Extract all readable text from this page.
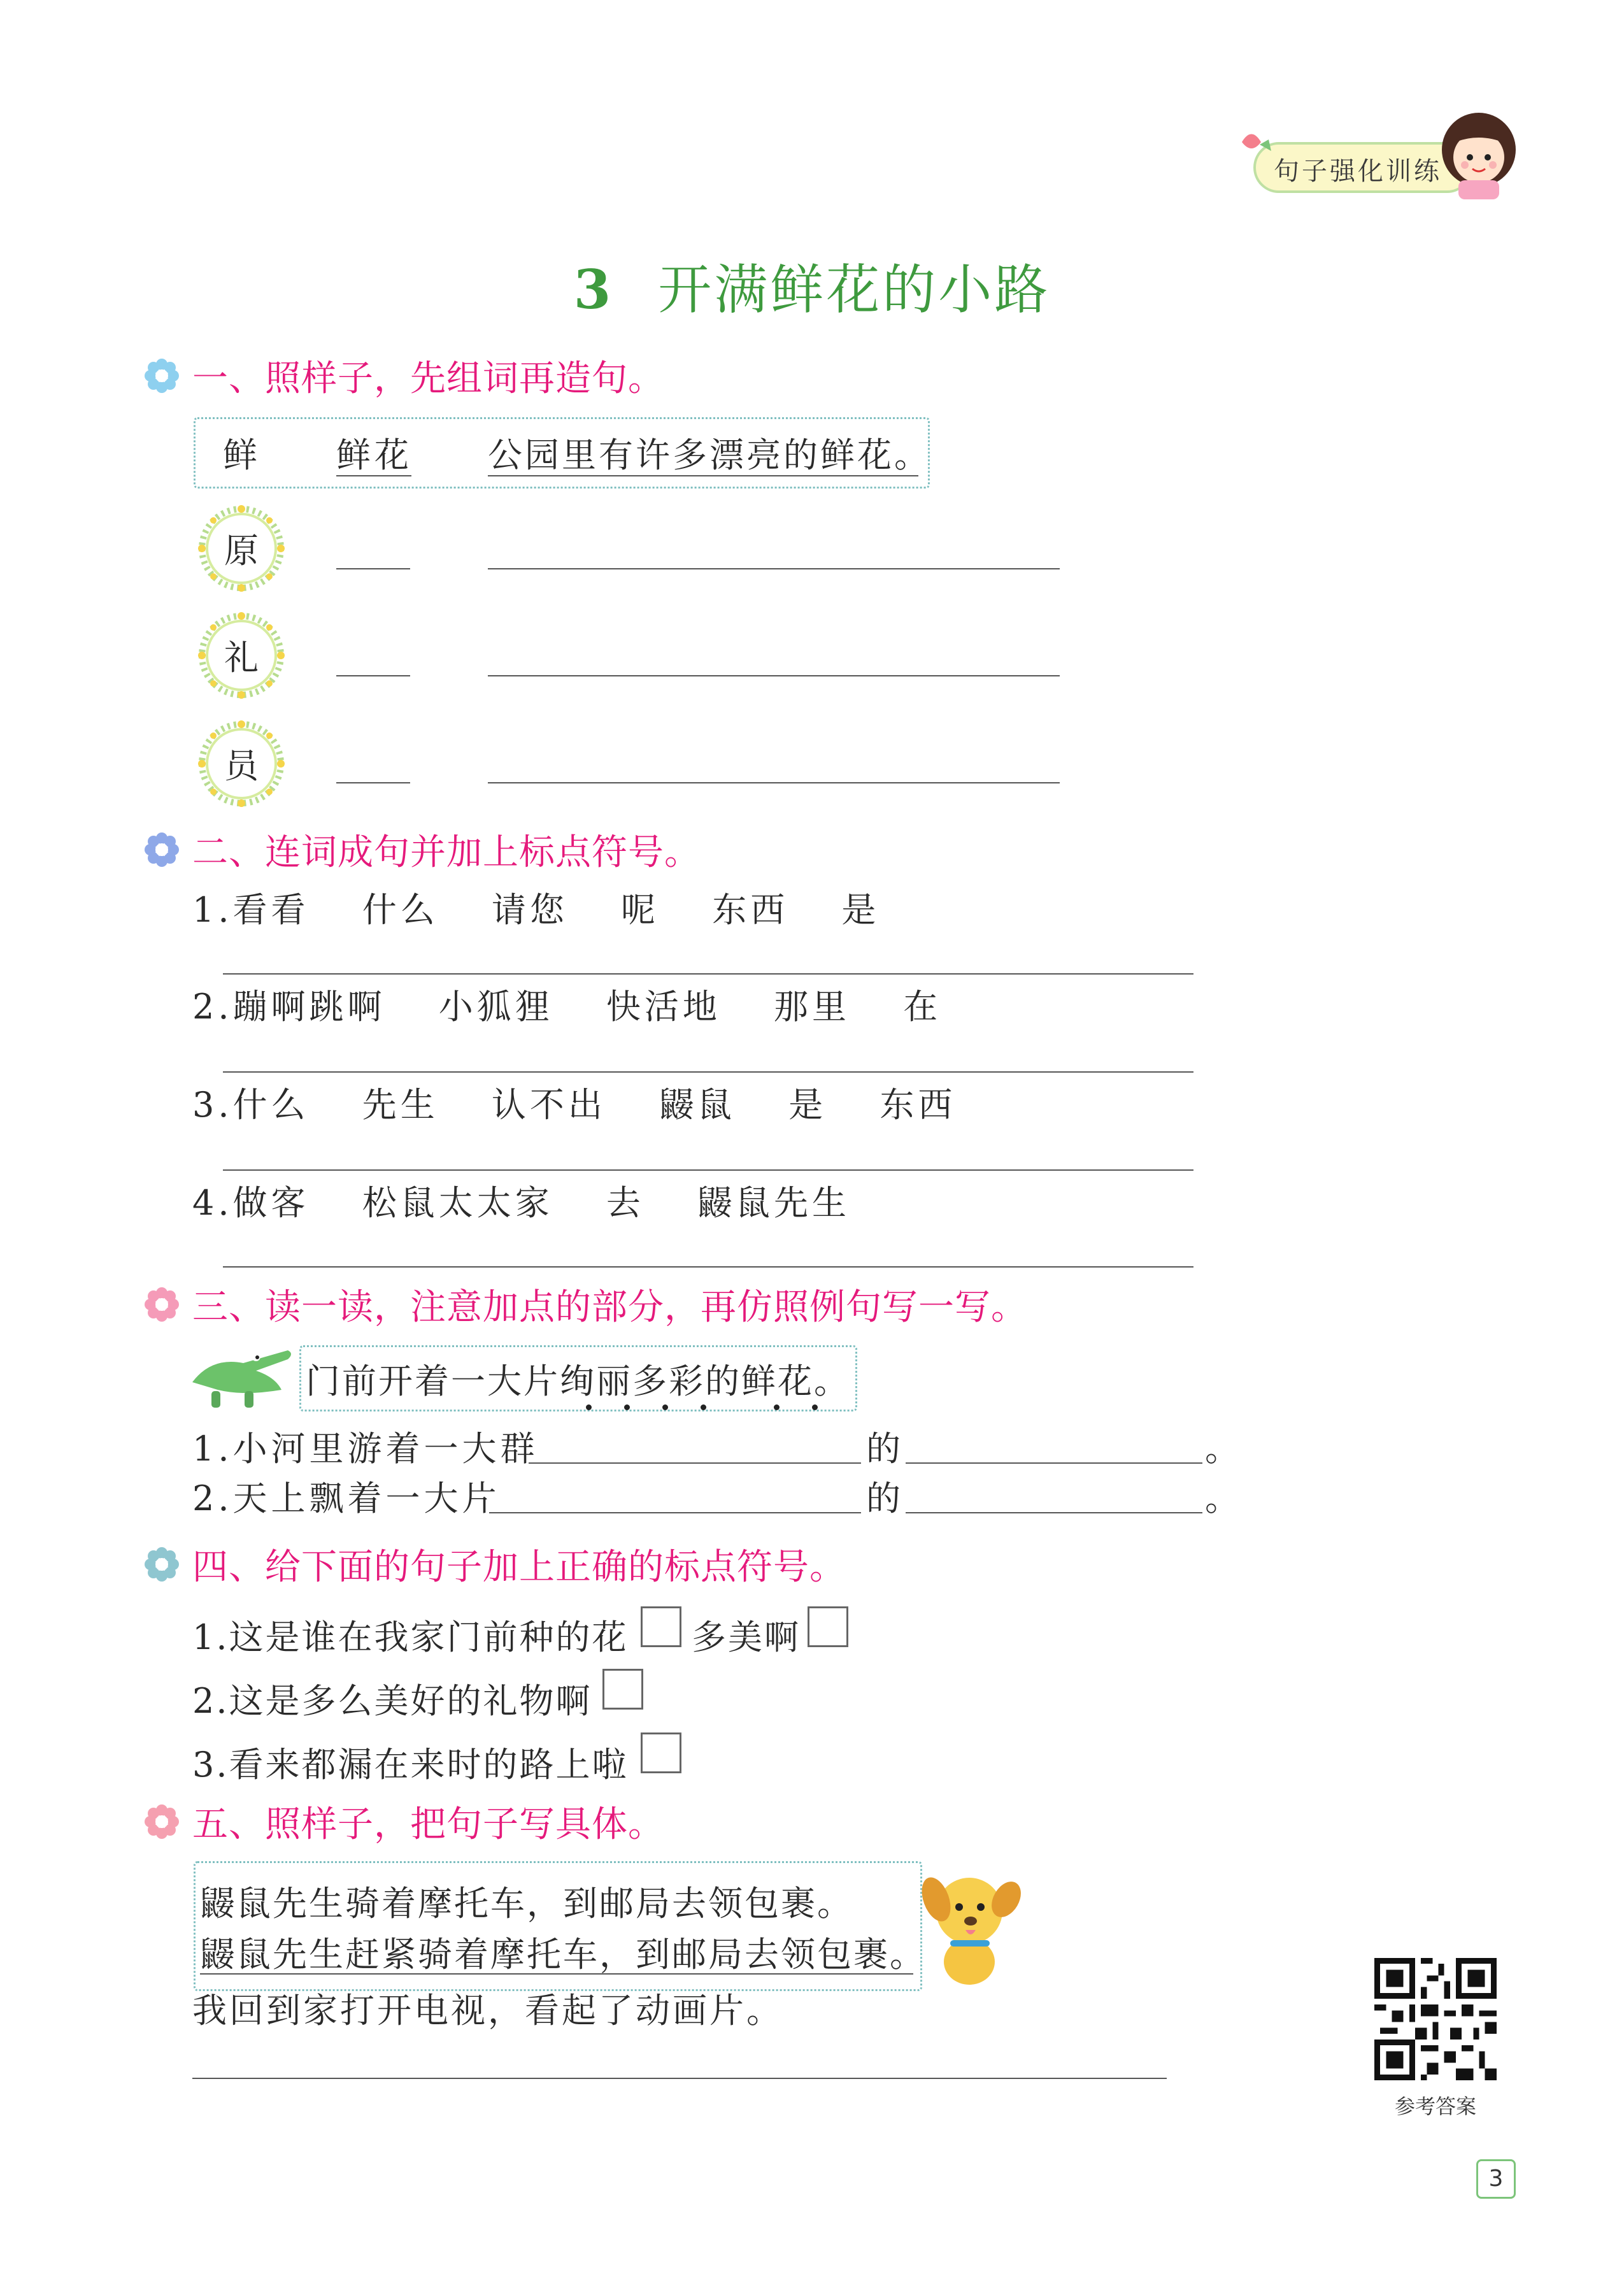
句子强化训练
3 开满鲜花的小路
一、照样子，先组词再造句。
鲜 鲜花 公园里有许多漂亮的鲜花。
原
礼
员
二、连词成句并加上标点符号。
1.看看 什么 请您 呢 东西 是
2.蹦啊跳啊 小狐狸 快活地 那里 在
3.什么 先生 认不出 鼹鼠 是 东西
4.做客 松鼠太太家 去 鼹鼠先生
三、读一读，注意加点的部分，再仿照例句写一写。
门前开着一大片绚丽多彩的鲜花。
1.小河里游着一大群	的	。
2.天上飘着一大片	的	。
四、给下面的句子加上正确的标点符号。
1.这是谁在我家门前种的花 多美啊
2.这是多么美好的礼物啊
3.看来都漏在来时的路上啦
五、照样子，把句子写具体。
鼹鼠先生骑着摩托车，到邮局去领包裹。
鼹鼠先生赶紧骑着摩托车，到邮局去领包裹。
我回到家打开电视，看起了动画片。
参考答案
3
